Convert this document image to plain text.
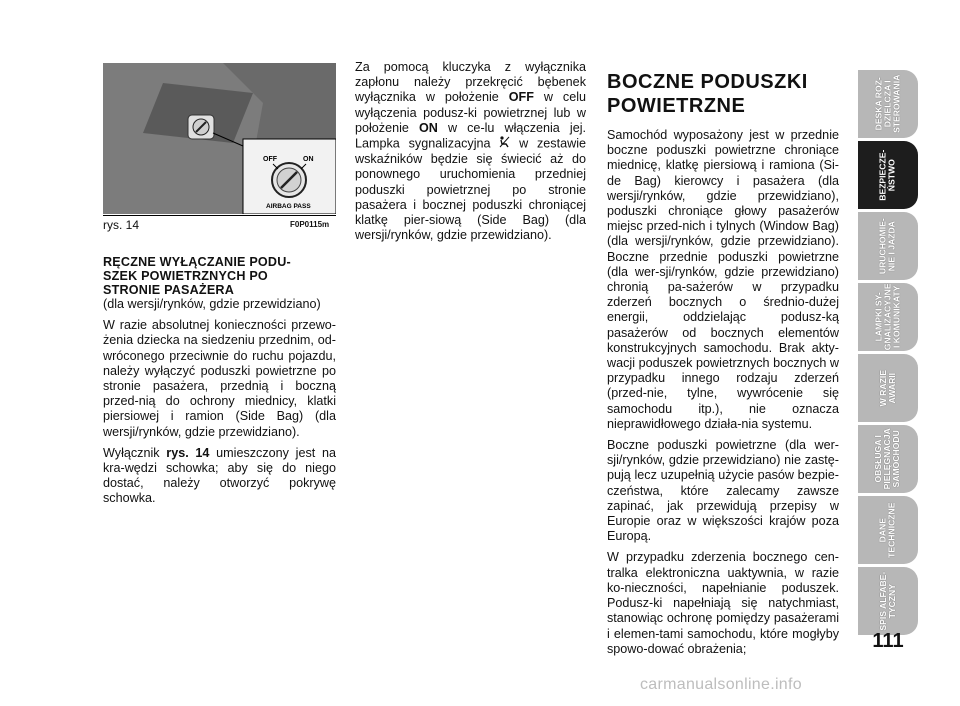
OFF	ON
AIRBAG PASS
rys. 14	F0P0115m
RĘCZNE WYŁĄCZANIE PODU-
SZEK POWIETRZNYCH PO
STRONIE PASAŻERA

(dla wersji/rynków, gdzie przewidziano)

W razie absolutnej konieczności przewo-żenia dziecka na siedzeniu przednim, od-wróconego przeciwnie do ruchu pojazdu, należy wyłączyć poduszki powietrzne po stronie pasażera, przednią i boczną przed-nią do ochrony miednicy, klatki piersiowej i ramion (Side Bag) (dla wersji/rynków, gdzie przewidziano).

Wyłącznik rys. 14 umieszczony jest na kra-wędzi schowka; aby się do niego dostać, należy otworzyć pokrywę schowka.

Za pomocą kluczyka z wyłącznika zapłonu należy przekręcić bębenek wyłącznika w położenie OFF w celu wyłączenia podusz-ki powietrznej lub w położenie ON w ce-lu włączenia jej. Lampka sygnalizacyjna  w zestawie wskaźników będzie się świecić aż do ponownego uruchomienia przedniej poduszki powietrznej po stronie pasażera i bocznej poduszki chroniącej klatkę pier-siową (Side Bag) (dla wersji/rynków, gdzie przewidziano).

BOCZNE PODUSZKI
POWIETRZNE

Samochód wyposażony jest w przednie boczne poduszki powietrzne chroniące miednicę, klatkę piersiową i ramiona (Si-de Bag) kierowcy i pasażera (dla wersji/rynków, gdzie przewidziano), poduszki chroniące głowy pasażerów miejsc przed-nich i tylnych (Window Bag) (dla wersji/rynków, gdzie przewidziano). Boczne przednie poduszki powietrzne (dla wer-sji/rynków, gdzie przewidziano) chronią pa-sażerów w przypadku zderzeń bocznych o średnio-dużej energii, oddzielając podusz-ką pasażerów od bocznych elementów konstrukcyjnych samochodu. Brak akty-wacji poduszek powietrznych bocznych w przypadku innego rodzaju zderzeń (przed-nie, tylne, wywrócenie się samochodu itp.), nie oznacza nieprawidłowego działa-nia systemu.

Boczne poduszki powietrzne (dla wer-sji/rynków, gdzie przewidziano) nie zastę-pują lecz uzupełnią użycie pasów bezpie-czeństwa, które zalecamy zawsze zapinać, jak przewidują przepisy w Europie oraz w większości krajów poza Europą.

W przypadku zderzenia bocznego cen-tralka elektroniczna uaktywnia, w razie ko-nieczności, napełnianie poduszek. Podusz-ki napełniają się natychmiast, stanowiąc ochronę pomiędzy pasażerami i elemen-tami samochodu, które mogłyby spowo-dować obrażenia;

DESKA ROZ-
DZIELCZA I
STEROWANIA
BEZPIECZE-
ŃSTWO
URUCHOMIE-
NIE I JAZDA
LAMPKI SY-
GNALIZACYJNE
I KOMUNIKATY
W RAZIE
AWARII
OBSŁUGA I
PIELĘGNACJA
SAMOCHODU
DANE
TECHNICZNE
SPIS ALFABE-
TYCZNY
111
carmanualsonline.info
